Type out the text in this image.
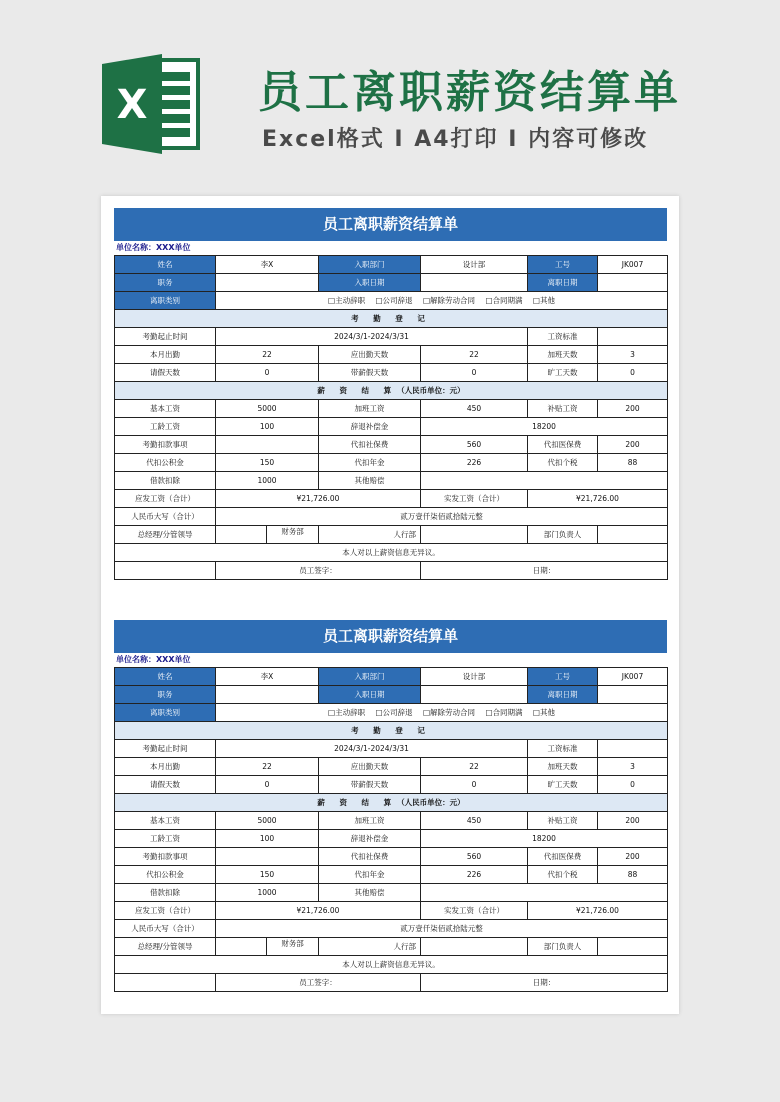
X	员工离职薪资结算单
Excel格式 I A4打印 I 内容可修改
员工离职薪资结算单
单位名称：XXX单位
姓名	李X	入职部门	设计部	工号	JK007
职务		入职日期		离职日期	
离职类别	□主动辞职 □公司辞退 □解除劳动合同 □合同期满 □其他				
考 勤 登 记					
考勤起止时间	2024/3/1-2024/3/31			工资标准	
本月出勤	22	应出勤天数	22	加班天数	3
请假天数	0	带薪假天数	0	旷工天数	0
薪 资 结 算（人民币单位：元）					
基本工资	5000	加班工资	450	补贴工资	200
工龄工资	100	辞退补偿金	18200		
考勤扣款事项		代扣社保费	560	代扣医保费	200
代扣公积金	150	代扣年金	226	代扣个税	88
借款扣除	1000	其他赔偿			
应发工资（合计）	¥21,726.00		实发工资（合计）	¥21,726.00	
人民币大写（合计）	贰万壹仟柒佰贰拾陆元整				
总经理/分管领导	财务部	人行部		部门负责人	
本人对以上薪资信息无异议。					
	员工签字：		日期：		
员工离职薪资结算单
单位名称：XXX单位
姓名	李X	入职部门	设计部	工号	JK007
职务		入职日期		离职日期	
离职类别	□主动辞职 □公司辞退 □解除劳动合同 □合同期满 □其他				
考 勤 登 记					
考勤起止时间	2024/3/1-2024/3/31			工资标准	
本月出勤	22	应出勤天数	22	加班天数	3
请假天数	0	带薪假天数	0	旷工天数	0
薪 资 结 算（人民币单位：元）					
基本工资	5000	加班工资	450	补贴工资	200
工龄工资	100	辞退补偿金	18200		
考勤扣款事项		代扣社保费	560	代扣医保费	200
代扣公积金	150	代扣年金	226	代扣个税	88
借款扣除	1000	其他赔偿			
应发工资（合计）	¥21,726.00		实发工资（合计）	¥21,726.00	
人民币大写（合计）	贰万壹仟柒佰贰拾陆元整				
总经理/分管领导	财务部	人行部		部门负责人	
本人对以上薪资信息无异议。					
	员工签字：		日期：		
